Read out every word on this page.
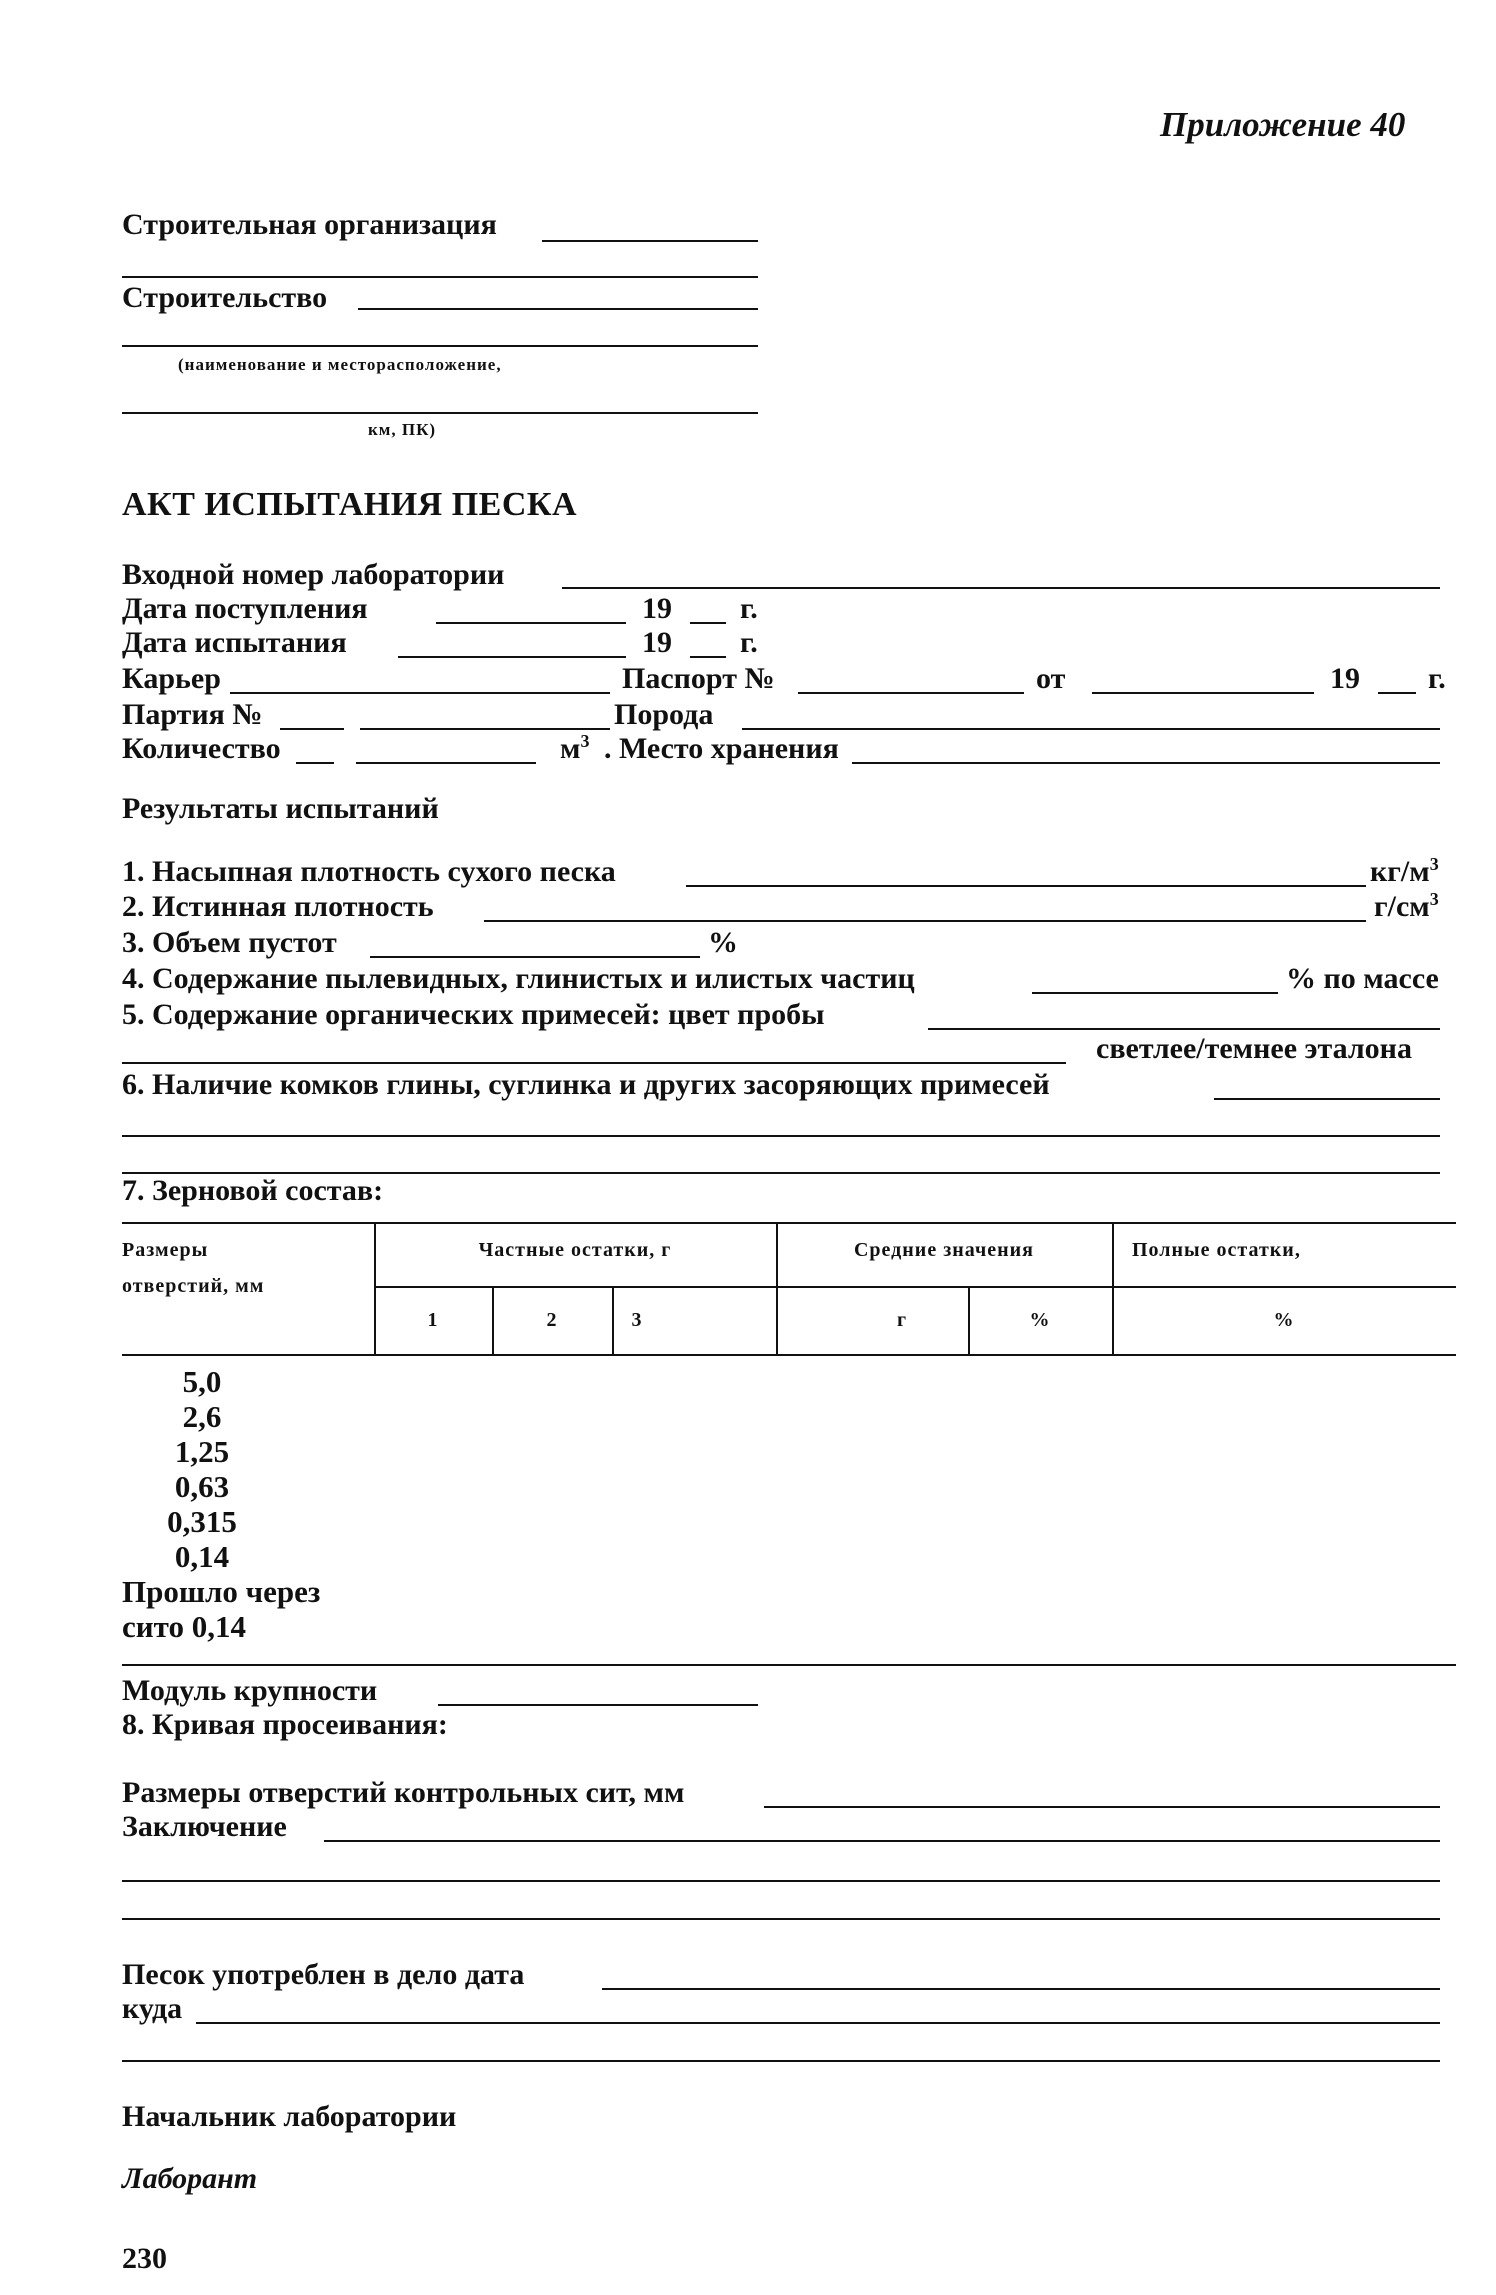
Приложение 40
Строительная организация
Строительство
(наименование и месторасположение,
км, ПК)
АКТ ИСПЫТАНИЯ ПЕСКА
Входной номер лаборатории
Дата поступления	19 г.
Дата испытания	19 г.
Карьер	Паспорт №	от	19 г.
Партия №	Порода
Количество	$м^3$ . Место хранения
Результаты испытаний
1. Насыпная плотность сухого песка	$кг/м^3$
2. Истинная плотность	$г/см^3$
3. Объем пустот	%
4. Содержание пылевидных, глинистых и илистых частиц	% по массе
5. Содержание органических примесей: цвет пробы
светлее/темнее эталона
6. Наличие комков глины, суглинка и других засоряющих примесей
7. Зерновой состав:
Размеры
отверстий, мм
Частные остатки, г	Средние значения	Полные остатки,
1	2	3	г	%	%
5,0
2,6
1,25
0,63
0,315
0,14
Прошло через
сито 0,14
Модуль крупности
8. Кривая просеивания:
Размеры отверстий контрольных сит, мм
Заключение
Песок употреблен в дело дата
куда
Начальник лаборатории
Лаборант
230
